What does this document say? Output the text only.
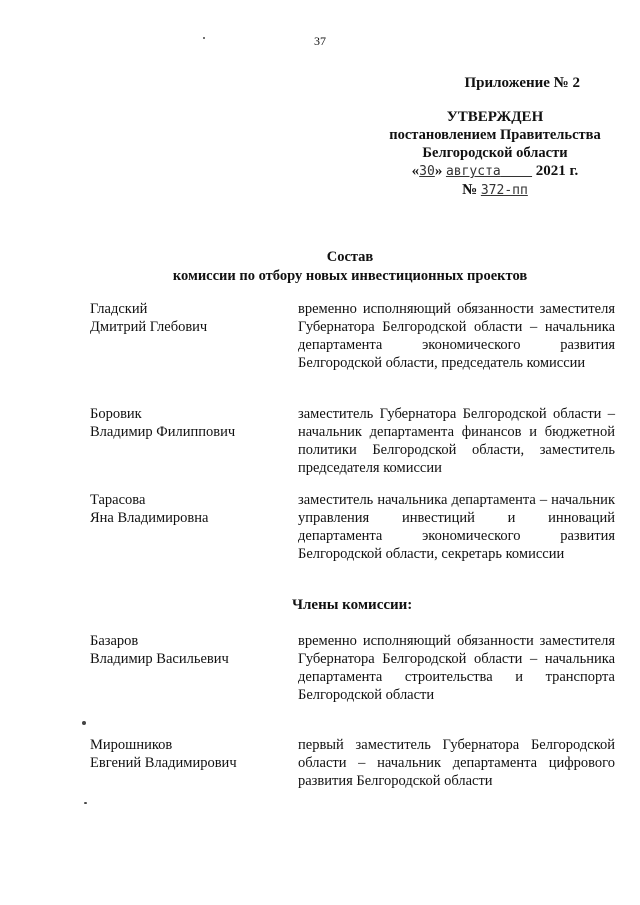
37
Приложение № 2
УТВЕРЖДЕН
постановлением Правительства
Белгородской области
«30» августа 2021 г.
№ 372-пп
Состав
комиссии по отбору новых инвестиционных проектов
Гладский
Дмитрий Глебович
временно исполняющий обязанности заместителя Губернатора Белгородской области – начальника департамента экономического развития Белгородской области, председатель комиссии
Боровик
Владимир Филиппович
заместитель Губернатора Белгородской области – начальник департамента финансов и бюджетной политики Белгородской области, заместитель председателя комиссии
Тарасова
Яна Владимировна
заместитель начальника департамента – начальник управления инвестиций и инноваций департамента экономического развития Белгородской области, секретарь комиссии
Члены комиссии:
Базаров
Владимир Васильевич
временно исполняющий обязанности заместителя Губернатора Белгородской области – начальника департамента строительства и транспорта Белгородской области
Мирошников
Евгений Владимирович
первый заместитель Губернатора Белгородской области – начальник департамента цифрового развития Белгородской области
